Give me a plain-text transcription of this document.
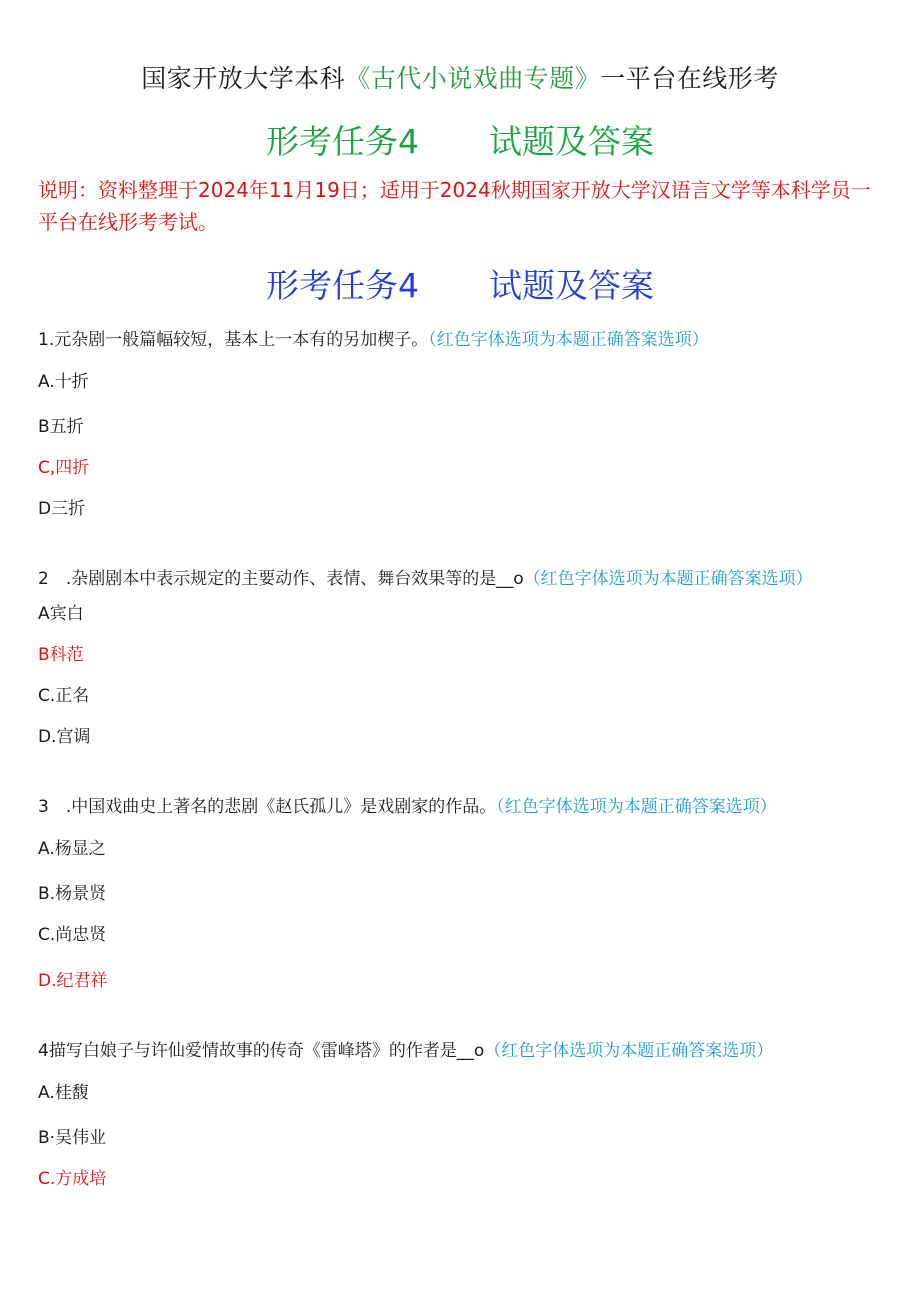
国家开放大学本科《古代小说戏曲专题》一平台在线形考
形考任务4 试题及答案
说明：资料整理于2024年11月19日；适用于2024秋期国家开放大学汉语言文学等本科学员一平台在线形考考试。
形考任务4 试题及答案
1.元杂剧一般篇幅较短，基本上一本有的另加楔子。（红色字体选项为本题正确答案选项）
A.十折
B五折
C,四折
D三折
2　.杂剧剧本中表示规定的主要动作、表情、舞台效果等的是__o（红色字体选项为本题正确答案选项）
A宾白
B科范
C.正名
D.宫调
3　.中国戏曲史上著名的悲剧《赵氏孤儿》是戏剧家的作品。（红色字体选项为本题正确答案选项）
A.杨显之
B.杨景贤
C.尚忠贤
D.纪君祥
4描写白娘子与许仙爱情故事的传奇《雷峰塔》的作者是__o（红色字体选项为本题正确答案选项）
A.桂馥
B·吴伟业
C.方成培
